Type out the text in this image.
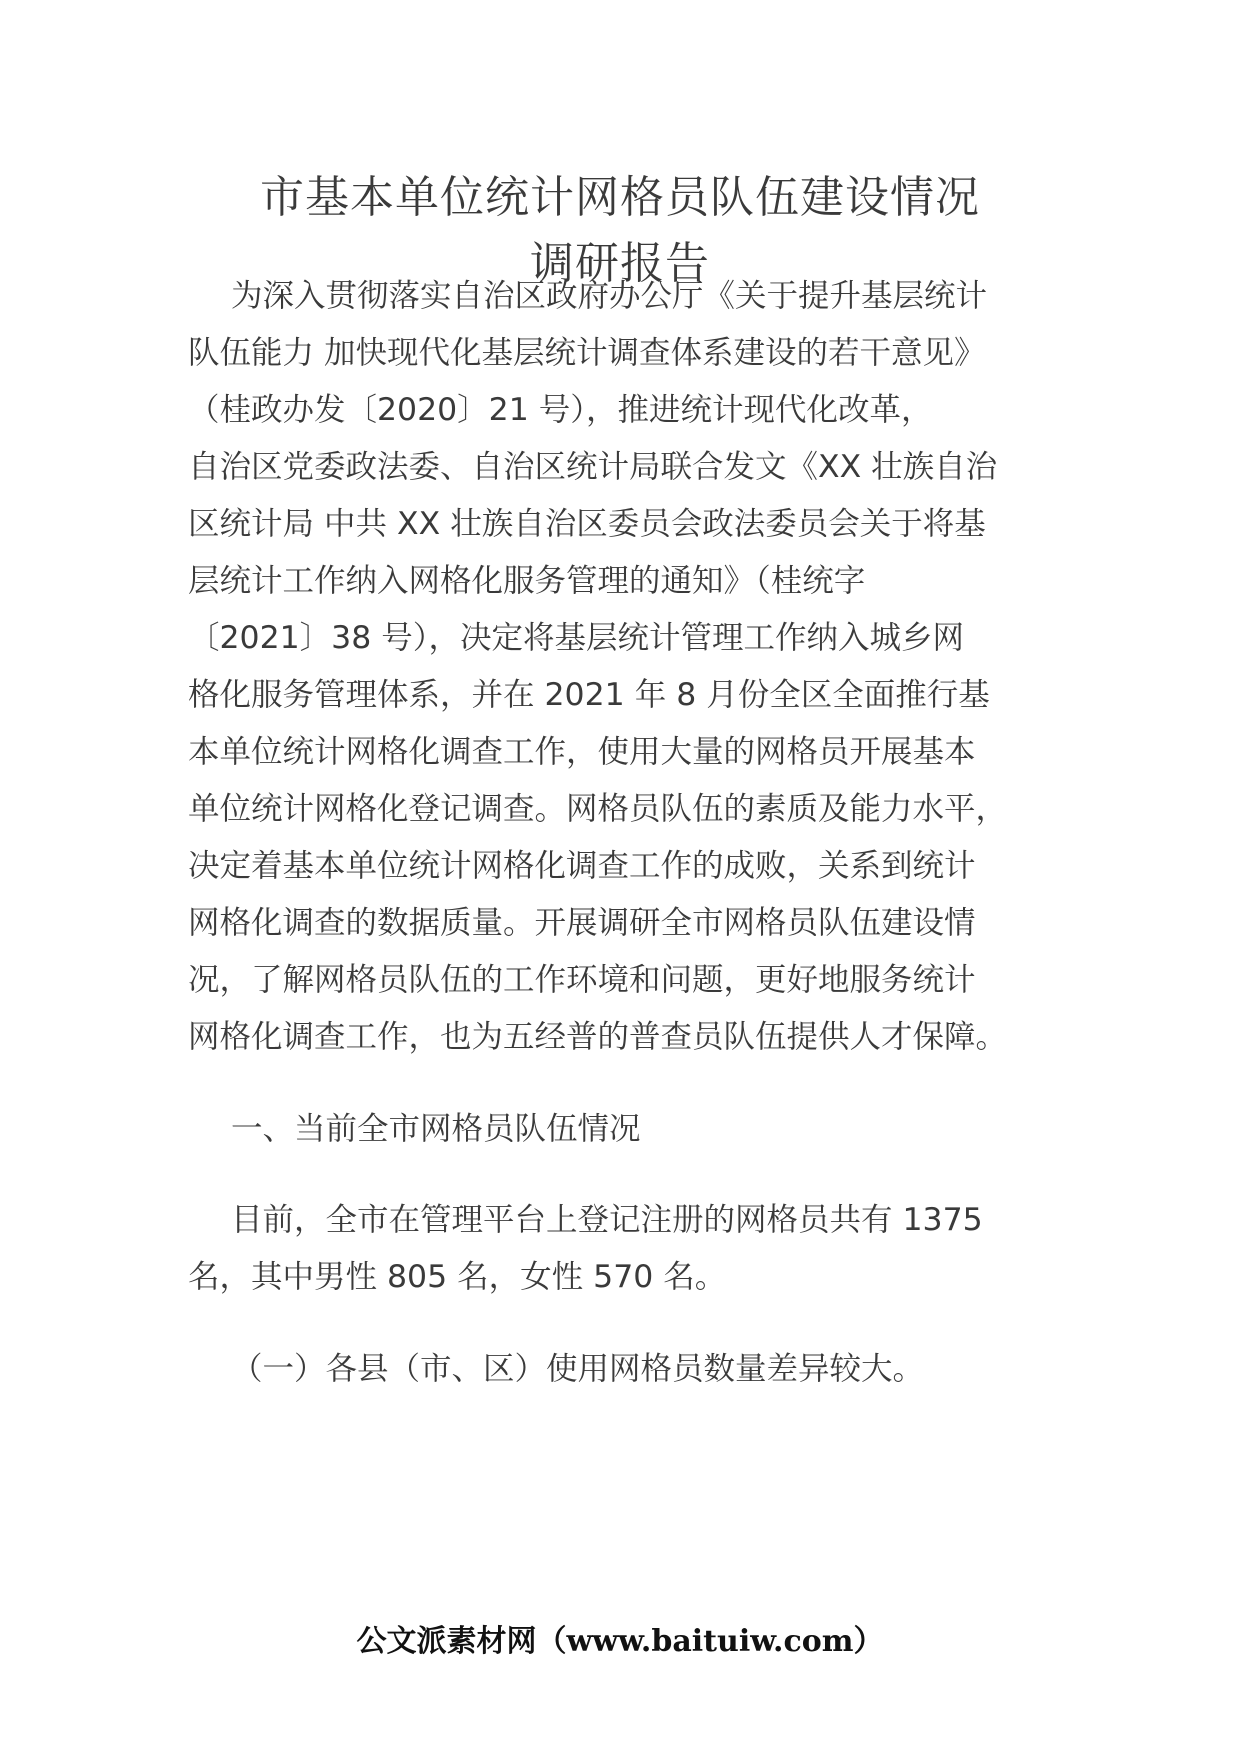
市基本单位统计网格员队伍建设情况
调研报告
为深入贯彻落实自治区政府办公厅《关于提升基层统计
队伍能力 加快现代化基层统计调查体系建设的若干意见》
（桂政办发〔2020〕21 号），推进统计现代化改革，
自治区党委政法委、自治区统计局联合发文《XX 壮族自治
区统计局 中共 XX 壮族自治区委员会政法委员会关于将基
层统计工作纳入网格化服务管理的通知》（桂统字
〔2021〕38 号），决定将基层统计管理工作纳入城乡网
格化服务管理体系，并在 2021 年 8 月份全区全面推行基
本单位统计网格化调查工作，使用大量的网格员开展基本
单位统计网格化登记调查。网格员队伍的素质及能力水平，
决定着基本单位统计网格化调查工作的成败，关系到统计
网格化调查的数据质量。开展调研全市网格员队伍建设情
况，了解网格员队伍的工作环境和问题，更好地服务统计
网格化调查工作，也为五经普的普查员队伍提供人才保障。
一、当前全市网格员队伍情况
目前，全市在管理平台上登记注册的网格员共有 1375
名，其中男性 805 名，女性 570 名。
（一）各县（市、区）使用网格员数量差异较大。
公文派素材网（www.baituiw.com）
